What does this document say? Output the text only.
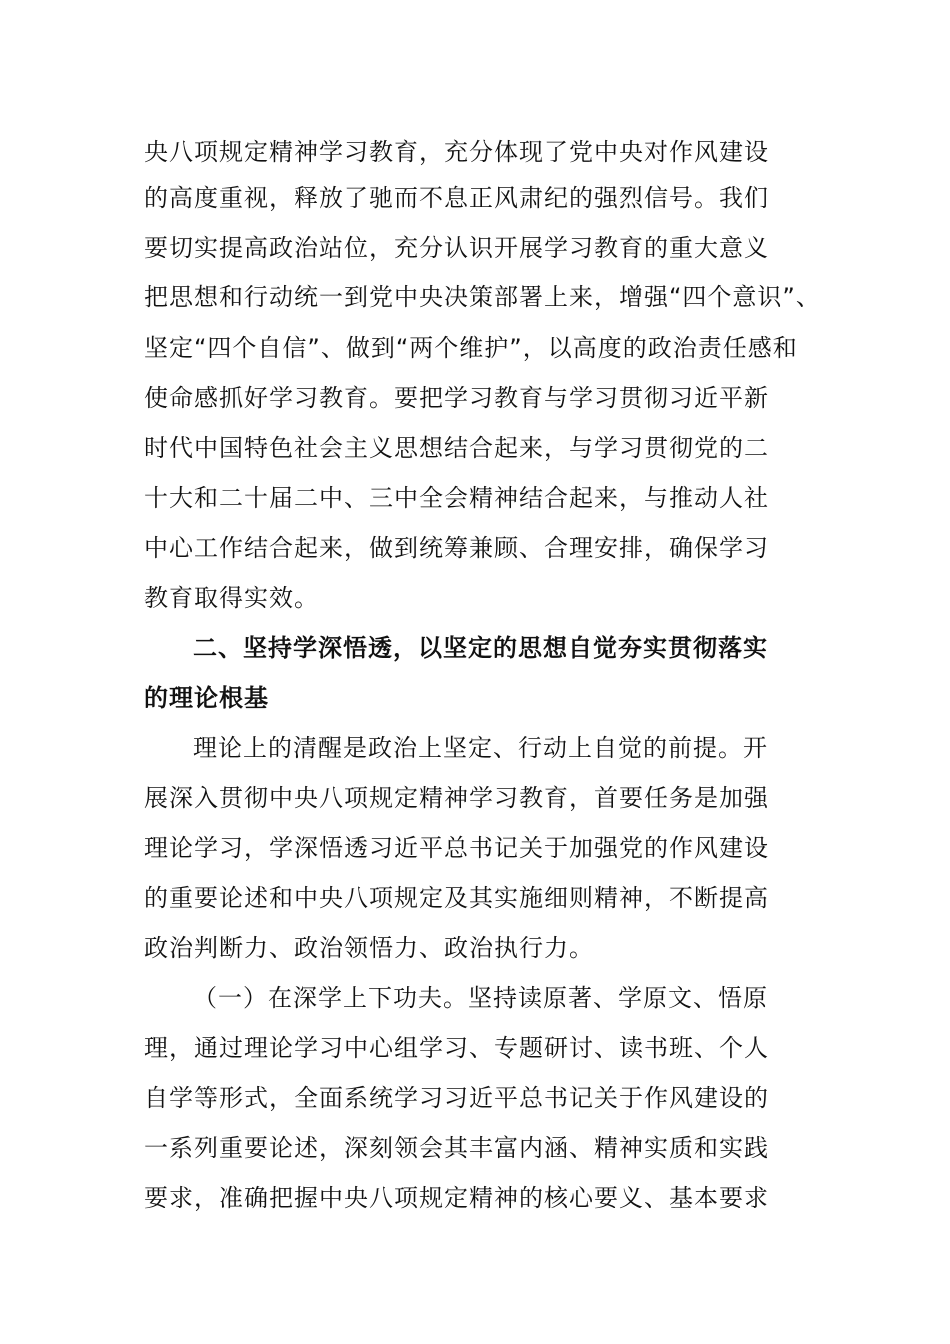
央八项规定精神学习教育，充分体现了党中央对作风建设
的高度重视，释放了驰而不息正风肃纪的强烈信号。我们
要切实提高政治站位，充分认识开展学习教育的重大意义
把思想和行动统一到党中央决策部署上来，增强“四个意识”、
坚定“四个自信”、做到“两个维护”，以高度的政治责任感和
使命感抓好学习教育。要把学习教育与学习贯彻习近平新
时代中国特色社会主义思想结合起来，与学习贯彻党的二
十大和二十届二中、三中全会精神结合起来，与推动人社
中心工作结合起来，做到统筹兼顾、合理安排，确保学习
教育取得实效。
二、坚持学深悟透，以坚定的思想自觉夯实贯彻落实
的理论根基
理论上的清醒是政治上坚定、行动上自觉的前提。开
展深入贯彻中央八项规定精神学习教育，首要任务是加强
理论学习，学深悟透习近平总书记关于加强党的作风建设
的重要论述和中央八项规定及其实施细则精神，不断提高
政治判断力、政治领悟力、政治执行力。
（一）在深学上下功夫。坚持读原著、学原文、悟原
理，通过理论学习中心组学习、专题研讨、读书班、个人
自学等形式，全面系统学习习近平总书记关于作风建设的
一系列重要论述，深刻领会其丰富内涵、精神实质和实践
要求，准确把握中央八项规定精神的核心要义、基本要求
